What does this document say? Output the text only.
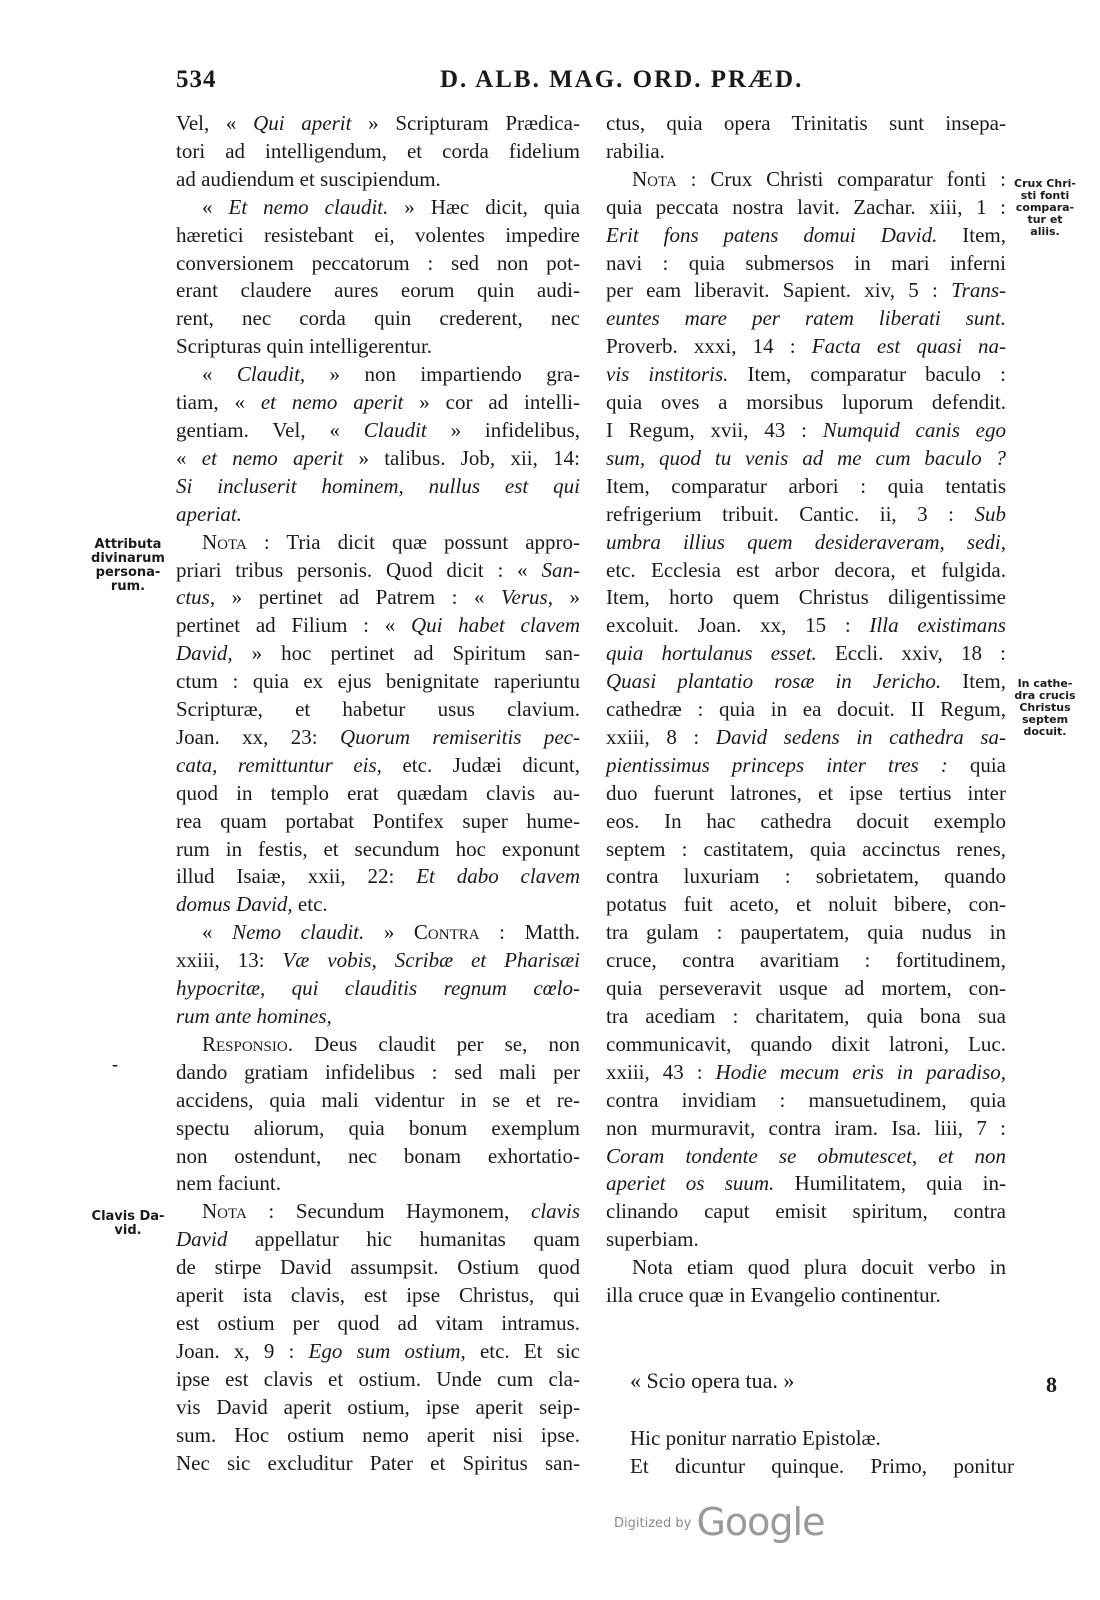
534	D. ALB. MAG. ORD. PRÆD.
Vel, « Qui aperit » Scripturam Prædica-
tori ad intelligendum, et corda fidelium
ad audiendum et suscipiendum.
« Et nemo claudit. » Hæc dicit, quia
hæretici resistebant ei, volentes impedire
conversionem peccatorum : sed non pot-
erant claudere aures eorum quin audi-
rent, nec corda quin crederent, nec
Scripturas quin intelligerentur.
« Claudit, » non impartiendo gra-
tiam, « et nemo aperit » cor ad intelli-
gentiam. Vel, « Claudit » infidelibus,
« et nemo aperit » talibus. Job, xii, 14:
Si incluserit hominem, nullus est qui
aperiat.
Nota : Tria dicit quæ possunt appro-
priari tribus personis. Quod dicit : « San-
ctus, » pertinet ad Patrem : « Verus, »
pertinet ad Filium : « Qui habet clavem
David, » hoc pertinet ad Spiritum san-
ctum : quia ex ejus benignitate raperiuntu
Scripturæ, et habetur usus clavium.
Joan. xx, 23: Quorum remiseritis pec-
cata, remittuntur eis, etc. Judæi dicunt,
quod in templo erat quædam clavis au-
rea quam portabat Pontifex super hume-
rum in festis, et secundum hoc exponunt
illud Isaiæ, xxii, 22: Et dabo clavem
domus David, etc.
« Nemo claudit. » Contra : Matth.
xxiii, 13: Væ vobis, Scribæ et Pharisæi
hypocritæ, qui clauditis regnum cœlo-
rum ante homines,
Responsio. Deus claudit per se, non
dando gratiam infidelibus : sed mali per
accidens, quia mali videntur in se et re-
spectu aliorum, quia bonum exemplum
non ostendunt, nec bonam exhortatio-
nem faciunt.
Nota : Secundum Haymonem, clavis
David appellatur hic humanitas quam
de stirpe David assumpsit. Ostium quod
aperit ista clavis, est ipse Christus, qui
est ostium per quod ad vitam intramus.
Joan. x, 9 : Ego sum ostium, etc. Et sic
ipse est clavis et ostium. Unde cum cla-
vis David aperit ostium, ipse aperit seip-
sum. Hoc ostium nemo aperit nisi ipse.
Nec sic excluditur Pater et Spiritus san-
ctus, quia opera Trinitatis sunt insepa-
rabilia.
Nota : Crux Christi comparatur fonti :
quia peccata nostra lavit. Zachar. xiii, 1 :
Erit fons patens domui David. Item,
navi : quia submersos in mari inferni
per eam liberavit. Sapient. xiv, 5 : Trans-
euntes mare per ratem liberati sunt.
Proverb. xxxi, 14 : Facta est quasi na-
vis institoris. Item, comparatur baculo :
quia oves a morsibus luporum defendit.
I Regum, xvii, 43 : Numquid canis ego
sum, quod tu venis ad me cum baculo ?
Item, comparatur arbori : quia tentatis
refrigerium tribuit. Cantic. ii, 3 : Sub
umbra illius quem desideraveram, sedi,
etc. Ecclesia est arbor decora, et fulgida.
Item, horto quem Christus diligentissime
excoluit. Joan. xx, 15 : Illa existimans
quia hortulanus esset. Eccli. xxiv, 18 :
Quasi plantatio rosæ in Jericho. Item,
cathedræ : quia in ea docuit. II Regum,
xxiii, 8 : David sedens in cathedra sa-
pientissimus princeps inter tres : quia
duo fuerunt latrones, et ipse tertius inter
eos. In hac cathedra docuit exemplo
septem : castitatem, quia accinctus renes,
contra luxuriam : sobrietatem, quando
potatus fuit aceto, et noluit bibere, con-
tra gulam : paupertatem, quia nudus in
cruce, contra avaritiam : fortitudinem,
quia perseveravit usque ad mortem, con-
tra acediam : charitatem, quia bona sua
communicavit, quando dixit latroni, Luc.
xxiii, 43 : Hodie mecum eris in paradiso,
contra invidiam : mansuetudinem, quia
non murmuravit, contra iram. Isa. liii, 7 :
Coram tondente se obmutescet, et non
aperiet os suum. Humilitatem, quia in-
clinando caput emisit spiritum, contra
superbiam.
Nota etiam quod plura docuit verbo in
illa cruce quæ in Evangelio continentur.
Attributa divinarum persona-rum.
Clavis Da-vid.
Crux Chri-sti fonti compara-tur et aliis.
In cathe-dra crucis Christus septem docuit.
-
« Scio opera tua. »	8
Hic ponitur narratio Epistolæ.
Et dicuntur quinque. Primo, ponitur
$^{Digitized by}$ Google
